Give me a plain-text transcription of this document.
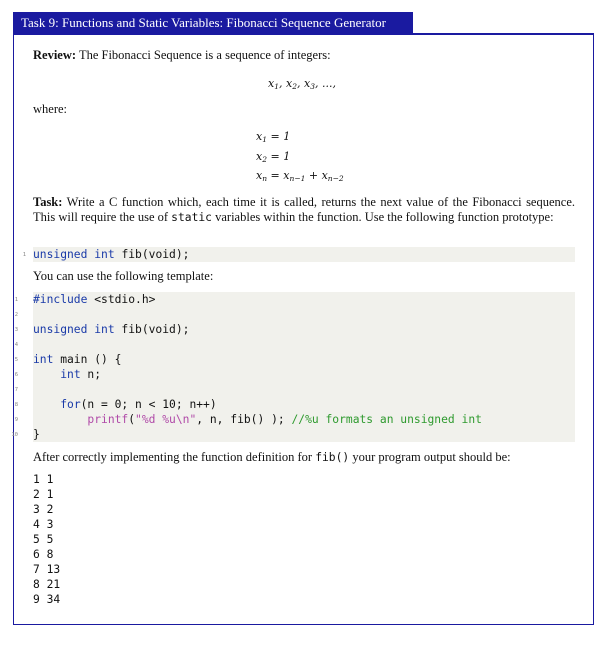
Task 9: Functions and Static Variables: Fibonacci Sequence Generator
Review: The Fibonacci Sequence is a sequence of integers:
$x_1$, $x_2$, $x_3$, ...,
where:
$x_1 = 1$
$x_2 = 1$
$x_n = x_{n-1} + x_{n-2}$
Task: Write a C function which, each time it is called, returns the next value of the Fibonacci sequence. This will require the use of static variables within the function. Use the following function prototype:
unsigned int fib(void);
1
You can use the following template:
#include <stdio.h>
unsigned int fib(void);
int main () {
int n;
for(n = 0; n < 10; n++)
printf("%d %u\n", n, fib() ); //%u formats an unsigned int
}
1
2
3
4
5
6
7
8
9
10
After correctly implementing the function definition for fib() your program output should be:
1 1
2 1
3 2
4 3
5 5
6 8
7 13
8 21
9 34
